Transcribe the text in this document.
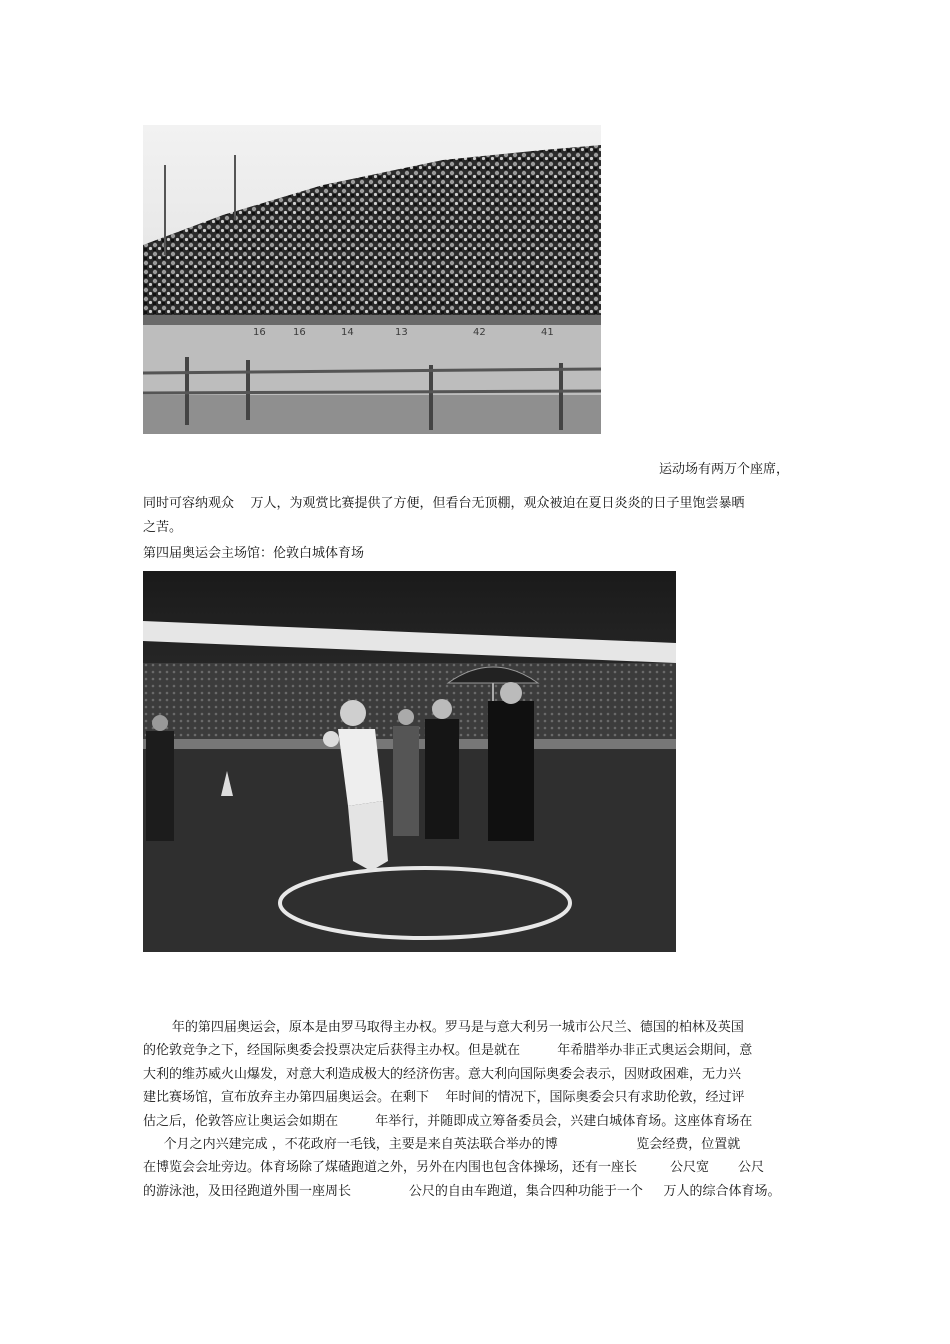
16	16	14	13	42	41
运动场有两万个座席，
同时可容纳观众    万人，为观赏比赛提供了方便，但看台无顶棚，观众被迫在夏日炎炎的日子里饱尝暴晒
之苦。
第四届奥运会主场馆：伦敦白城体育场
年的第四届奥运会，原本是由罗马取得主办权。罗马是与意大利另一城市公尺兰、德国的柏林及英国
的伦敦竞争之下，经国际奥委会投票决定后获得主办权。但是就在         年希腊举办非正式奥运会期间，意
大利的维苏威火山爆发，对意大利造成极大的经济伤害。意大利向国际奥委会表示，因财政困难，无力兴
建比赛场馆，宣布放弃主办第四届奥运会。在剩下    年时间的情况下，国际奥委会只有求助伦敦，经过评
估之后，伦敦答应让奥运会如期在         年举行，并随即成立筹备委员会，兴建白城体育场。这座体育场在
个月之内兴建完成 ，不花政府一毛钱，主要是来自英法联合举办的博                   览会经费，位置就
在博览会会址旁边。体育场除了煤碴跑道之外，另外在内围也包含体操场，还有一座长        公尺宽       公尺
的游泳池，及田径跑道外围一座周长              公尺的自由车跑道，集合四种功能于一个     万人的综合体育场。
